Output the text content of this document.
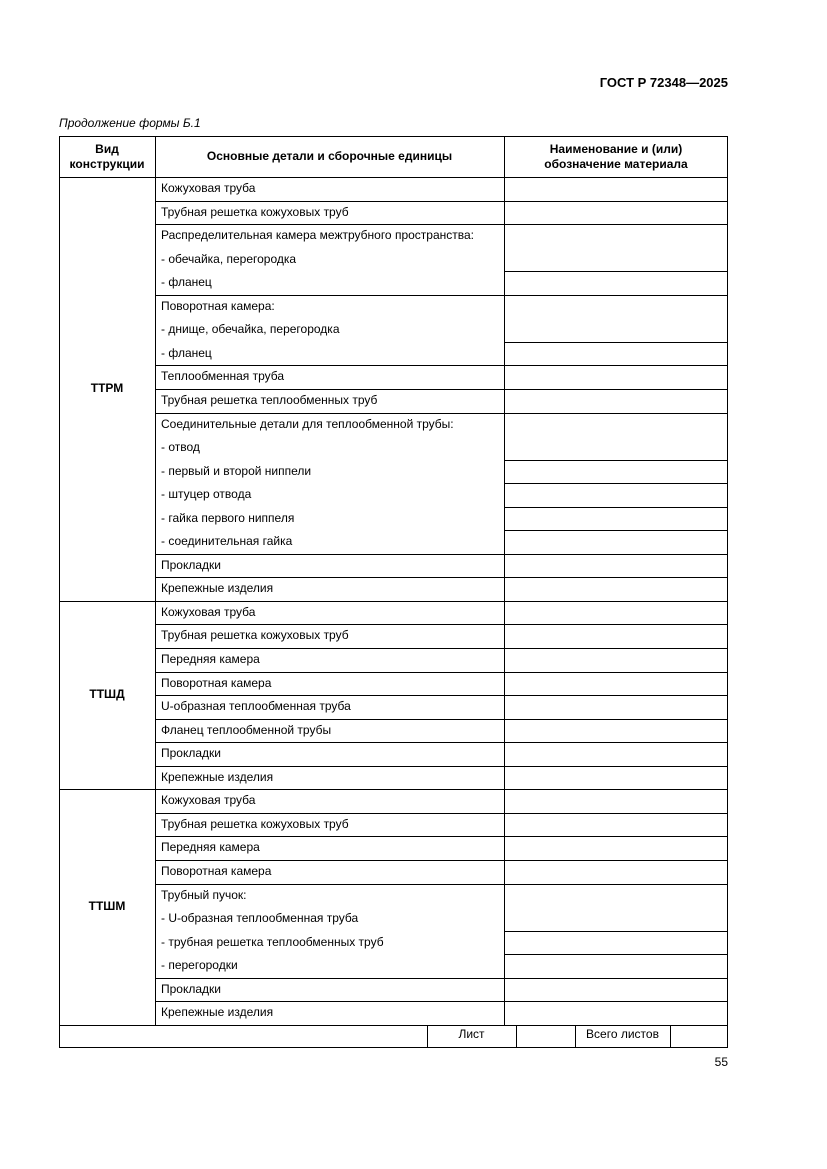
ГОСТ Р 72348—2025
Продолжение формы Б.1
Вид
конструкции
Основные детали и сборочные единицы	Наименование и (или)
обозначение материала
ТТРМ
ТТШД
ТТШМ
Лист	Всего листов
Кожуховая труба
Трубная решетка кожуховых труб
Распределительная камера межтрубного пространства:
- обечайка, перегородка
- фланец
Поворотная камера:
- днище, обечайка, перегородка
- фланец
Теплообменная труба
Трубная решетка теплообменных труб
Соединительные детали для теплообменной трубы:
- отвод
- первый и второй ниппели
- штуцер отвода
- гайка первого ниппеля
- соединительная гайка
Прокладки
Крепежные изделия
Кожуховая труба
Трубная решетка кожуховых труб
Передняя камера
Поворотная камера
U-образная теплообменная труба
Фланец теплообменной трубы
Прокладки
Крепежные изделия
Кожуховая труба
Трубная решетка кожуховых труб
Передняя камера
Поворотная камера
Трубный пучок:
- U-образная теплообменная труба
- трубная решетка теплообменных труб
- перегородки
Прокладки
Крепежные изделия
55
